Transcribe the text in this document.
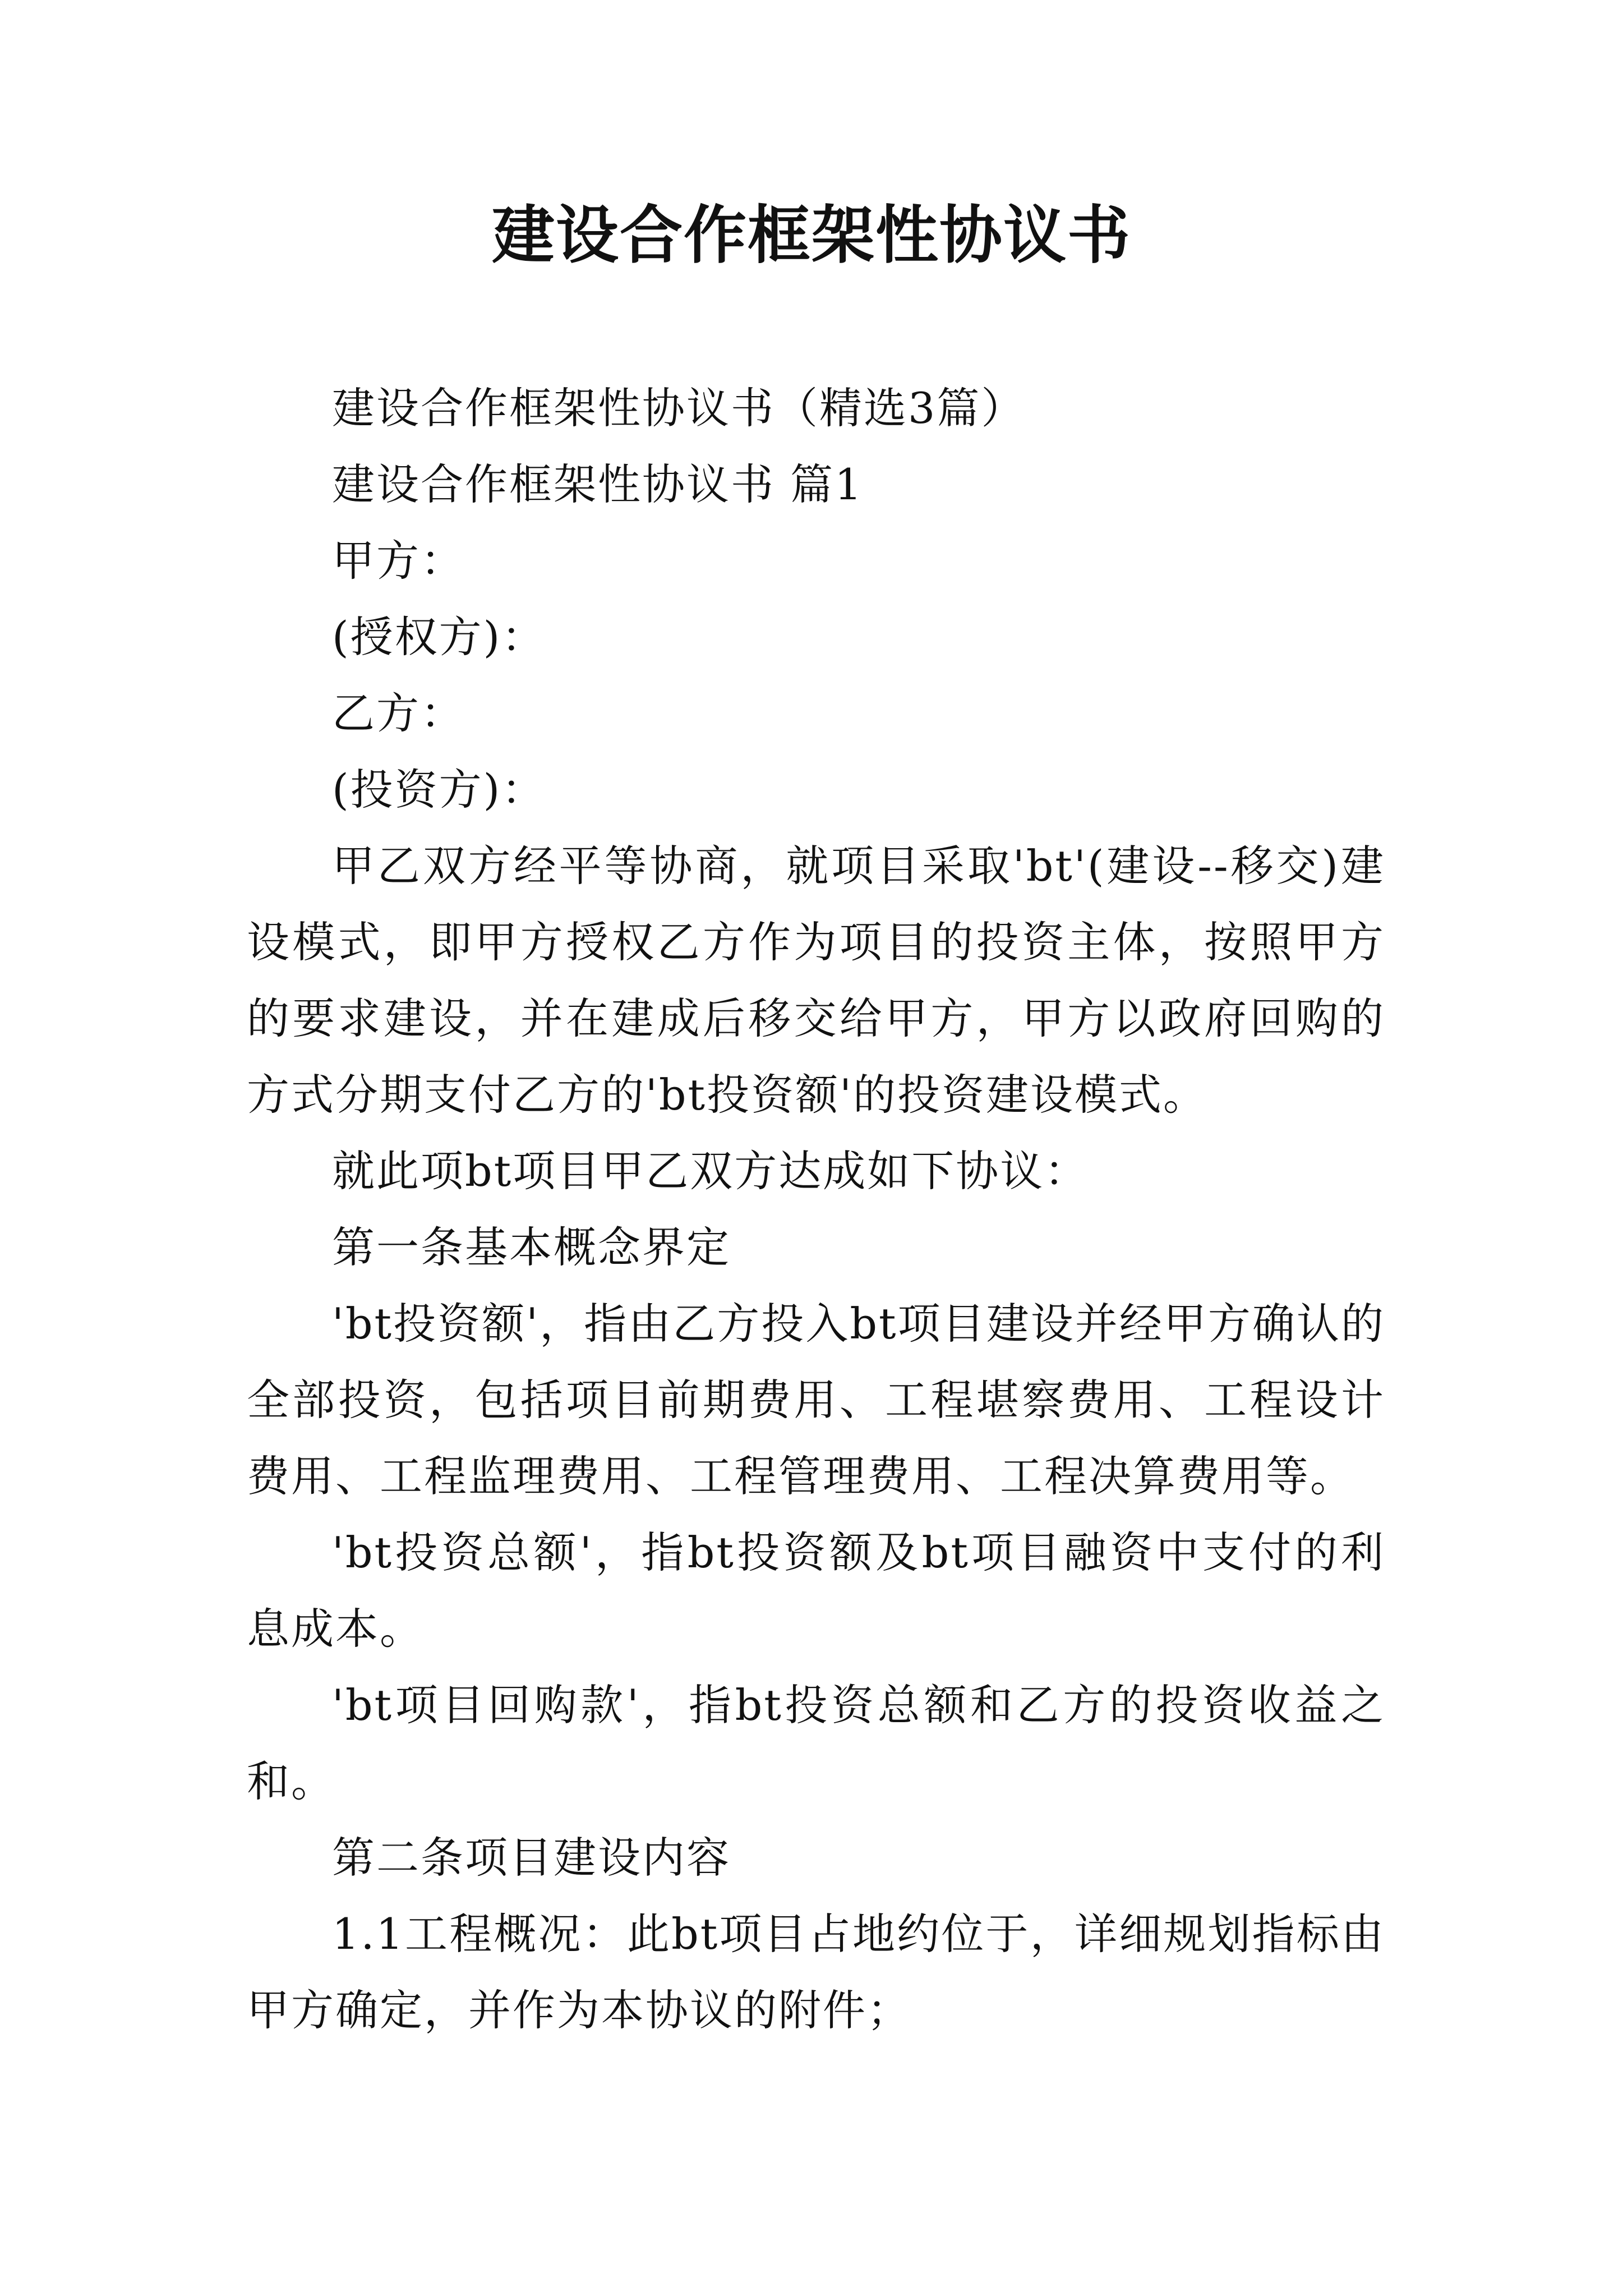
建设合作框架性协议书

建设合作框架性协议书（精选3篇）

建设合作框架性协议书 篇1

甲方：

(授权方)：

乙方：

(投资方)：

甲乙双方经平等协商，就项目采取'bt'(建设--移交)建设模式，即甲方授权乙方作为项目的投资主体，按照甲方的要求建设，并在建成后移交给甲方，甲方以政府回购的方式分期支付乙方的'bt投资额'的投资建设模式。

就此项bt项目甲乙双方达成如下协议：

第一条基本概念界定

'bt投资额'，指由乙方投入bt项目建设并经甲方确认的全部投资，包括项目前期费用、工程堪察费用、工程设计费用、工程监理费用、工程管理费用、工程决算费用等。

'bt投资总额'，指bt投资额及bt项目融资中支付的利息成本。

'bt项目回购款'，指bt投资总额和乙方的投资收益之和。

第二条项目建设内容

1.1工程概况：此bt项目占地约位于，详细规划指标由甲方确定，并作为本协议的附件；
